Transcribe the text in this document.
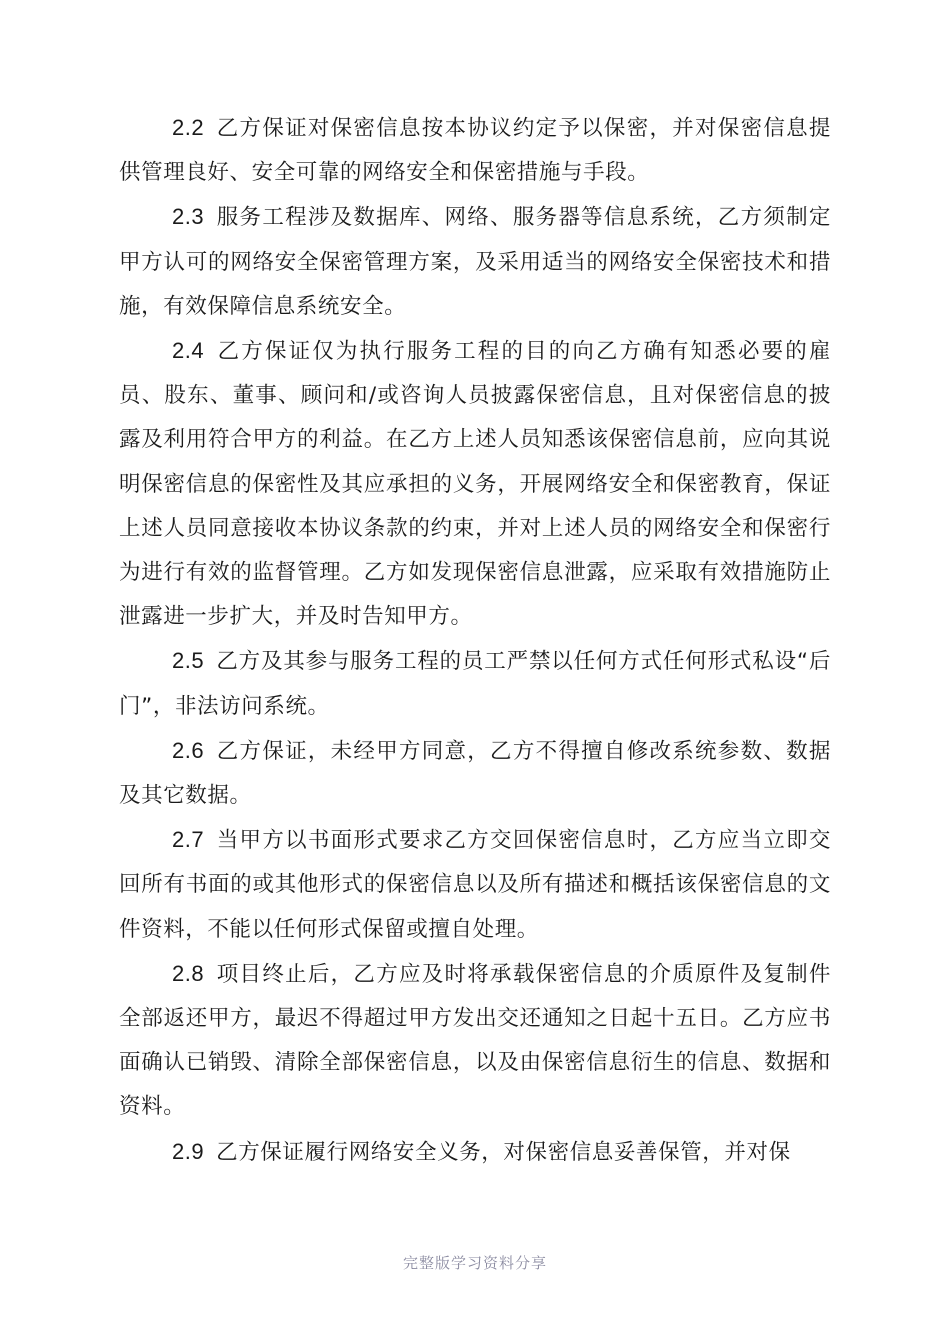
2.2 乙方保证对保密信息按本协议约定予以保密，并对保密信息提供管理良好、安全可靠的网络安全和保密措施与手段。

2.3 服务工程涉及数据库、网络、服务器等信息系统，乙方须制定甲方认可的网络安全保密管理方案，及采用适当的网络安全保密技术和措施，有效保障信息系统安全。

2.4 乙方保证仅为执行服务工程的目的向乙方确有知悉必要的雇员、股东、董事、顾问和/或咨询人员披露保密信息，且对保密信息的披露及利用符合甲方的利益。在乙方上述人员知悉该保密信息前，应向其说明保密信息的保密性及其应承担的义务，开展网络安全和保密教育，保证上述人员同意接收本协议条款的约束，并对上述人员的网络安全和保密行为进行有效的监督管理。乙方如发现保密信息泄露，应采取有效措施防止泄露进一步扩大，并及时告知甲方。

2.5 乙方及其参与服务工程的员工严禁以任何方式任何形式私设“后门”，非法访问系统。

2.6 乙方保证，未经甲方同意，乙方不得擅自修改系统参数、数据及其它数据。

2.7 当甲方以书面形式要求乙方交回保密信息时，乙方应当立即交回所有书面的或其他形式的保密信息以及所有描述和概括该保密信息的文件资料，不能以任何形式保留或擅自处理。

2.8 项目终止后，乙方应及时将承载保密信息的介质原件及复制件全部返还甲方，最迟不得超过甲方发出交还通知之日起十五日。乙方应书面确认已销毁、清除全部保密信息，以及由保密信息衍生的信息、数据和资料。

2.9 乙方保证履行网络安全义务，对保密信息妥善保管，并对保

完整版学习资料分享
